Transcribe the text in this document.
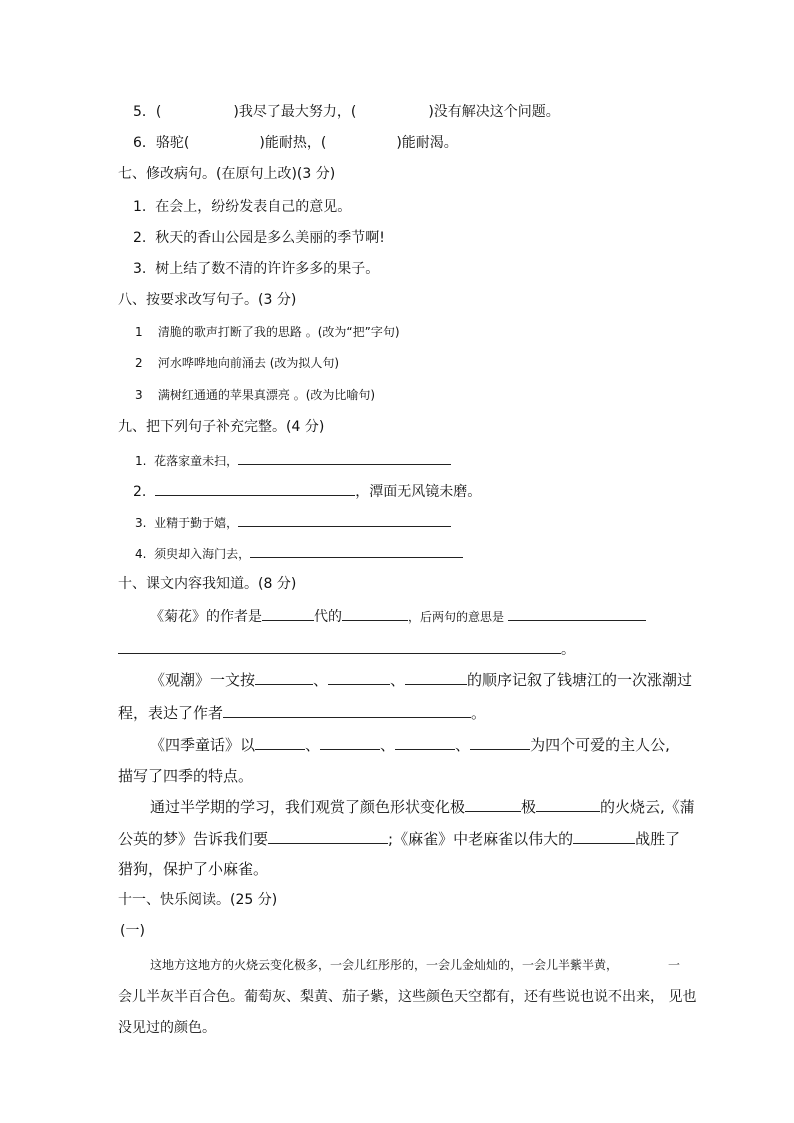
5．(	)我尽了最大努力，(	)没有解决这个问题。
6．骆驼(	)能耐热，(	)能耐渴。
七、修改病句。(在原句上改)(3 分)
1. 在会上，纷纷发表自己的意见。
2. 秋天的香山公园是多么美丽的季节啊!
3. 树上结了数不清的许许多多的果子。
八、按要求改写句子。(3 分)
1 清脆的歌声打断了我的思路 。(改为“把”字句)
2 河水哗哗地向前涌去 (改为拟人句)
3 满树红通通的苹果真漂亮 。(改为比喻句)
九、把下列句子补充完整。(4 分)
1. 花落家童未扫，
2.	，潭面无风镜未磨。
3. 业精于勤于嬉，
4. 须臾却入海门去，
十、课文内容我知道。(8 分)
《菊花》的作者是	代的	，后两句的意思是
。
《观潮》一文按	、	、	的顺序记叙了钱塘江的一次涨潮过
程，表达了作者	。
《四季童话》以	、	、	、	为四个可爱的主人公,
描写了四季的特点。
通过半学期的学习，我们观赏了颜色形状变化极	极	的火烧云,《蒲
公英的梦》告诉我们要	;《麻雀》中老麻雀以伟大的	战胜了
猎狗，保护了小麻雀。
十一、快乐阅读。(25 分)
(一)
这地方这地方的火烧云变化极多，一会儿红彤彤的，一会儿金灿灿的，一会儿半紫半黄，	一
会儿半灰半百合色。葡萄灰、梨黄、茄子紫，这些颜色天空都有，还有些说也说不出来， 见也
没见过的颜色。
